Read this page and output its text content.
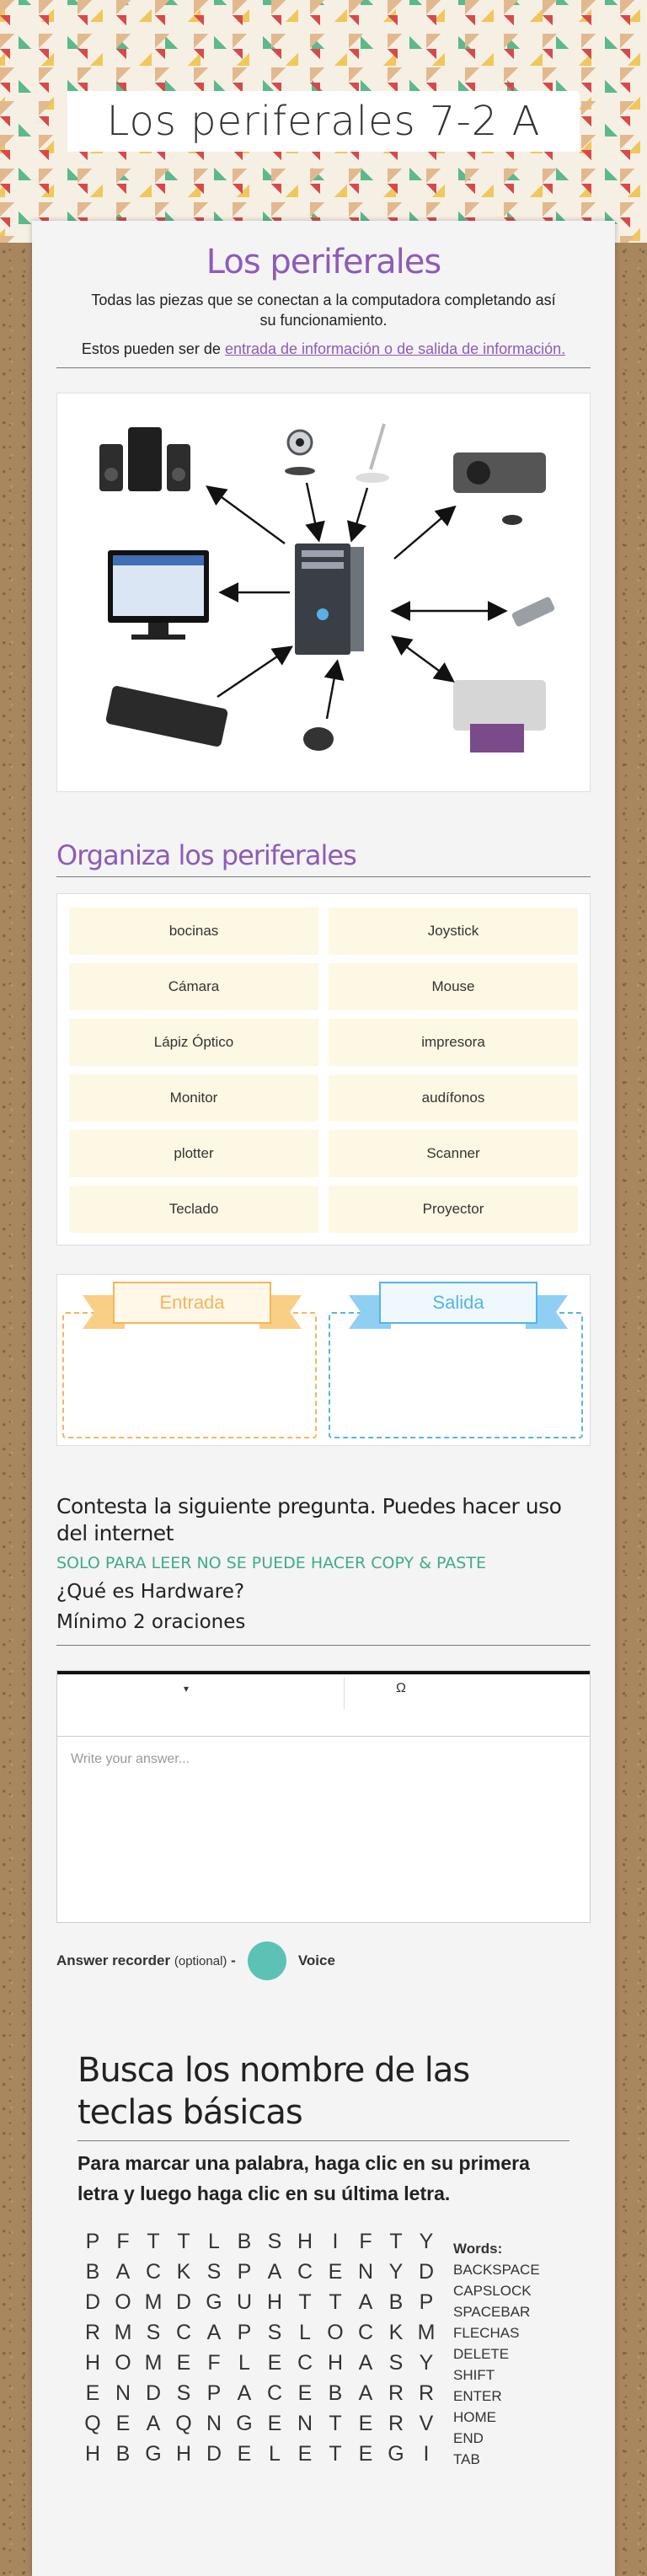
Los periferales 7-2 A
Los periferales

Todas las piezas que se conectan a la computadora completando así su funcionamiento.

Estos pueden ser de entrada de información o de salida de información.

Organiza los periferales
bocinas	Joystick
Cámara	Mouse
Lápiz Óptico	impresora
Monitor	audífonos
plotter	Scanner
Teclado	Proyector
Entrada	Salida

Contesta la siguiente pregunta. Puedes hacer uso del internet

SOLO PARA LEER NO SE PUEDE HACER COPY & PASTE

¿Qué es Hardware?

Mínimo 2 oraciones

▾	Ω
Write your answer...
Answer recorder (optional) -	Voice
Busca los nombre de las teclas básicas

Para marcar una palabra, haga clic en su primera letra y luego haga clic en su última letra.

P F T T L B S H I F T Y
B A C K S P A C E N Y D
D O M D G U H T T A B P
R M S C A P S L O C K M
H O M E F L E C H A S Y
E N D S P A C E B A R R
Q E A Q N G E N T E R V
H B G H D E L E T E G I
Words:
BACKSPACE
CAPSLOCK
SPACEBAR
FLECHAS
DELETE
SHIFT
ENTER
HOME
END
TAB
